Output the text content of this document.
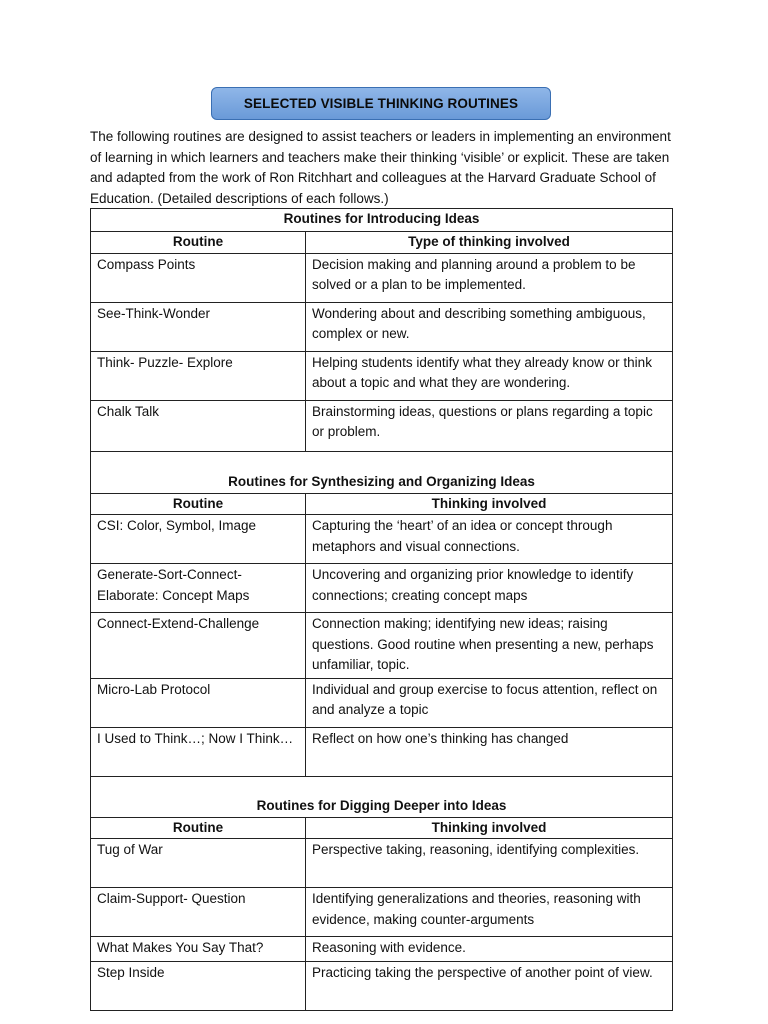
SELECTED VISIBLE THINKING ROUTINES

The following routines are designed to assist teachers or leaders in implementing an environment of learning in which learners and teachers make their thinking ‘visible’ or explicit. These are taken and adapted from the work of Ron Ritchhart and colleagues at the Harvard Graduate School of Education. (Detailed descriptions of each follows.)

Routines for Introducing Ideas	
Routine	Type of thinking involved
Compass Points	Decision making and planning around a problem to be solved or a plan to be implemented.
See-Think-Wonder	Wondering about and describing something ambiguous, complex or new.
Think- Puzzle- Explore	Helping students identify what they already know or think about a topic and what they are wondering.
Chalk Talk	Brainstorming ideas, questions or plans regarding a topic or problem.
Routines for Synthesizing and Organizing Ideas	
Routine	Thinking involved
CSI: Color, Symbol, Image	Capturing the ‘heart’ of an idea or concept through metaphors and visual connections.
Generate-Sort-Connect-Elaborate: Concept Maps	Uncovering and organizing prior knowledge to identify connections; creating concept maps
Connect-Extend-Challenge	Connection making; identifying new ideas; raising questions. Good routine when presenting a new, perhaps unfamiliar, topic.
Micro-Lab Protocol	Individual and group exercise to focus attention, reflect on and analyze a topic
I Used to Think…; Now I Think…	Reflect on how one’s thinking has changed
Routines for Digging Deeper into Ideas	
Routine	Thinking involved
Tug of War	Perspective taking, reasoning, identifying complexities.
Claim-Support- Question	Identifying generalizations and theories, reasoning with evidence, making counter-arguments
What Makes You Say That?	Reasoning with evidence.
Step Inside	Practicing taking the perspective of another point of view.
